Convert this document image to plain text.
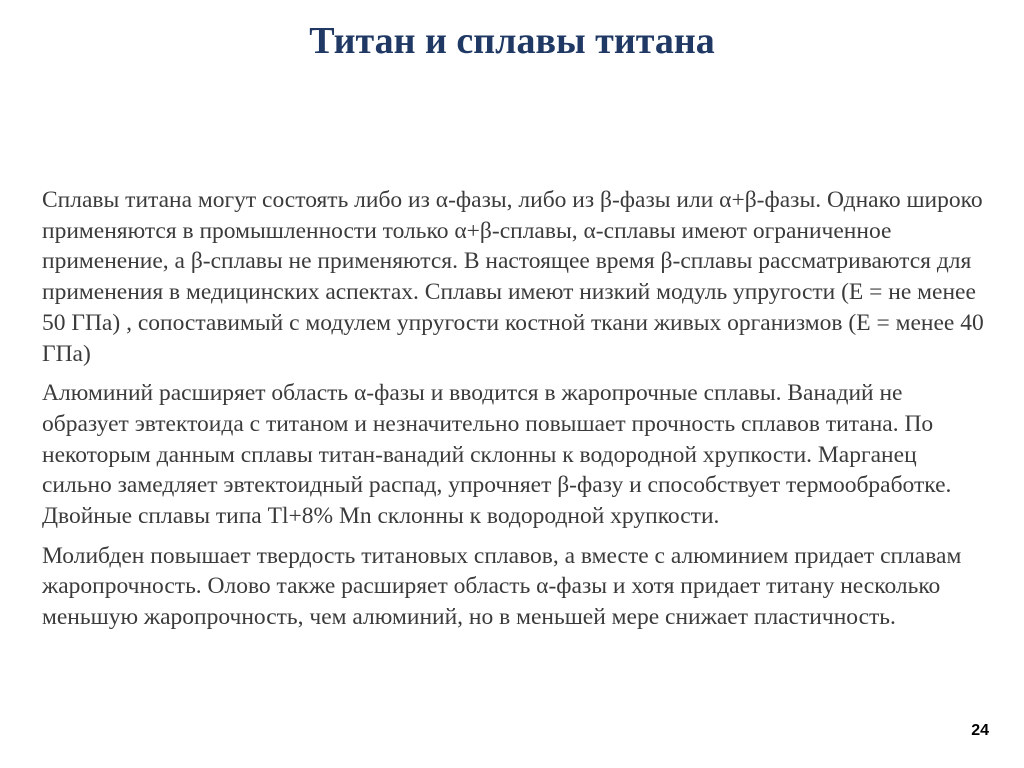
Титан и сплавы титана

Сплавы титана могут состоять либо из α-фазы, либо из β-фазы или α+β-фазы. Однако широко применяются в промышленности только α+β-сплавы, α-сплавы имеют ограниченное применение, а β-сплавы не применяются. В настоящее время β-сплавы рассматриваются для применения в медицинских аспектах. Сплавы имеют низкий модуль упругости (Е = не менее 50 ГПа) , сопоставимый с модулем упругости костной ткани живых организмов (Е = менее 40 ГПа)

Алюминий расширяет область α-фазы и вводится в жаропрочные сплавы. Ванадий не образует эвтектоида с титаном и незначительно повышает прочность сплавов титана. По некоторым данным сплавы титан-ванадий склонны к водородной хрупкости. Марганец сильно замедляет эвтектоидный распад, упрочняет β-фазу и способствует термообработке. Двойные сплавы типа Тl+8% Мn склонны к водородной хрупкости.

Молибден повышает твердость титановых сплавов, а вместе с алюминием придает сплавам жаропрочность. Олово также расширяет область α-фазы и хотя придает титану несколько меньшую жаропрочность, чем алюминий, но в меньшей мере снижает пластичность.

24
